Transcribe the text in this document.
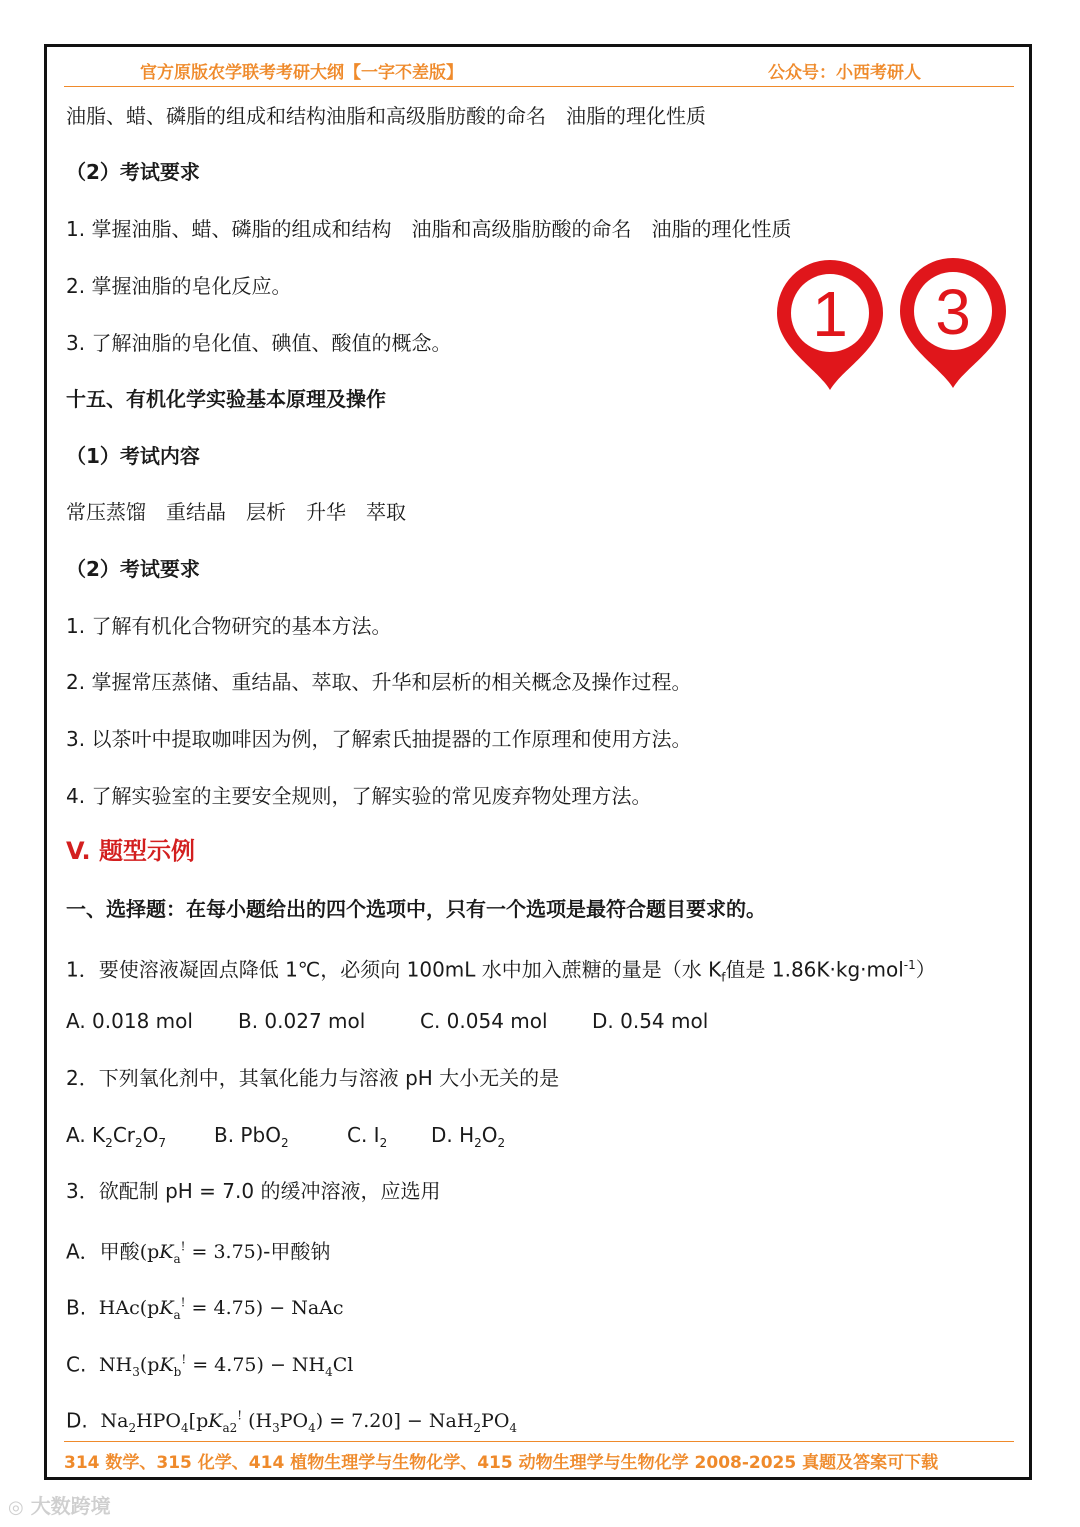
官方原版农学联考考研大纲【一字不差版】	公众号：小西考研人
油脂、蜡、磷脂的组成和结构油脂和高级脂肪酸的命名　油脂的理化性质
（2）考试要求
1. 掌握油脂、蜡、磷脂的组成和结构　油脂和高级脂肪酸的命名　油脂的理化性质
2. 掌握油脂的皂化反应。
3. 了解油脂的皂化值、碘值、酸值的概念。
十五、有机化学实验基本原理及操作
（1）考试内容
常压蒸馏　重结晶　层析　升华　萃取
（2）考试要求
1. 了解有机化合物研究的基本方法。
2. 掌握常压蒸储、重结晶、萃取、升华和层析的相关概念及操作过程。
3. 以茶叶中提取咖啡因为例，了解索氏抽提器的工作原理和使用方法。
4. 了解实验室的主要安全规则，了解实验的常见废弃物处理方法。
V. 题型示例
一、选择题：在每小题给出的四个选项中，只有一个选项是最符合题目要求的。
1．要使溶液凝固点降低 1℃，必须向 100mL 水中加入蔗糖的量是（水 $K_f$值是 1.86K·kg·mol$^{-1}$）
A. 0.018 mol B. 0.027 mol	C. 0.054 mol D. 0.54 mol
2．下列氧化剂中，其氧化能力与溶液 pH 大小无关的是
A. $K_2Cr_2O_7$ B. PbO$_2$	C. $I_2$ D. $H_2O_2$
3．欲配制 pH = 7.0 的缓冲溶液，应选用
A．甲酸$(pK_a^! = 3.75)-$甲酸钠
B.  $HAc(pK_a^! = 4.75)$ − NaAc
C.  $NH_3(pK_b^! = 4.75) - NH_4Cl$
D.  $Na_2HPO_4[pK_{a2}^!$ $(H_3PO_4) = 7.20] - NaH_2PO_4$
314 数学、315 化学、414 植物生理学与生物化学、415 动物生理学与生物化学 2008-2025 真题及答案可下载
1 3
◎ 大数跨境
